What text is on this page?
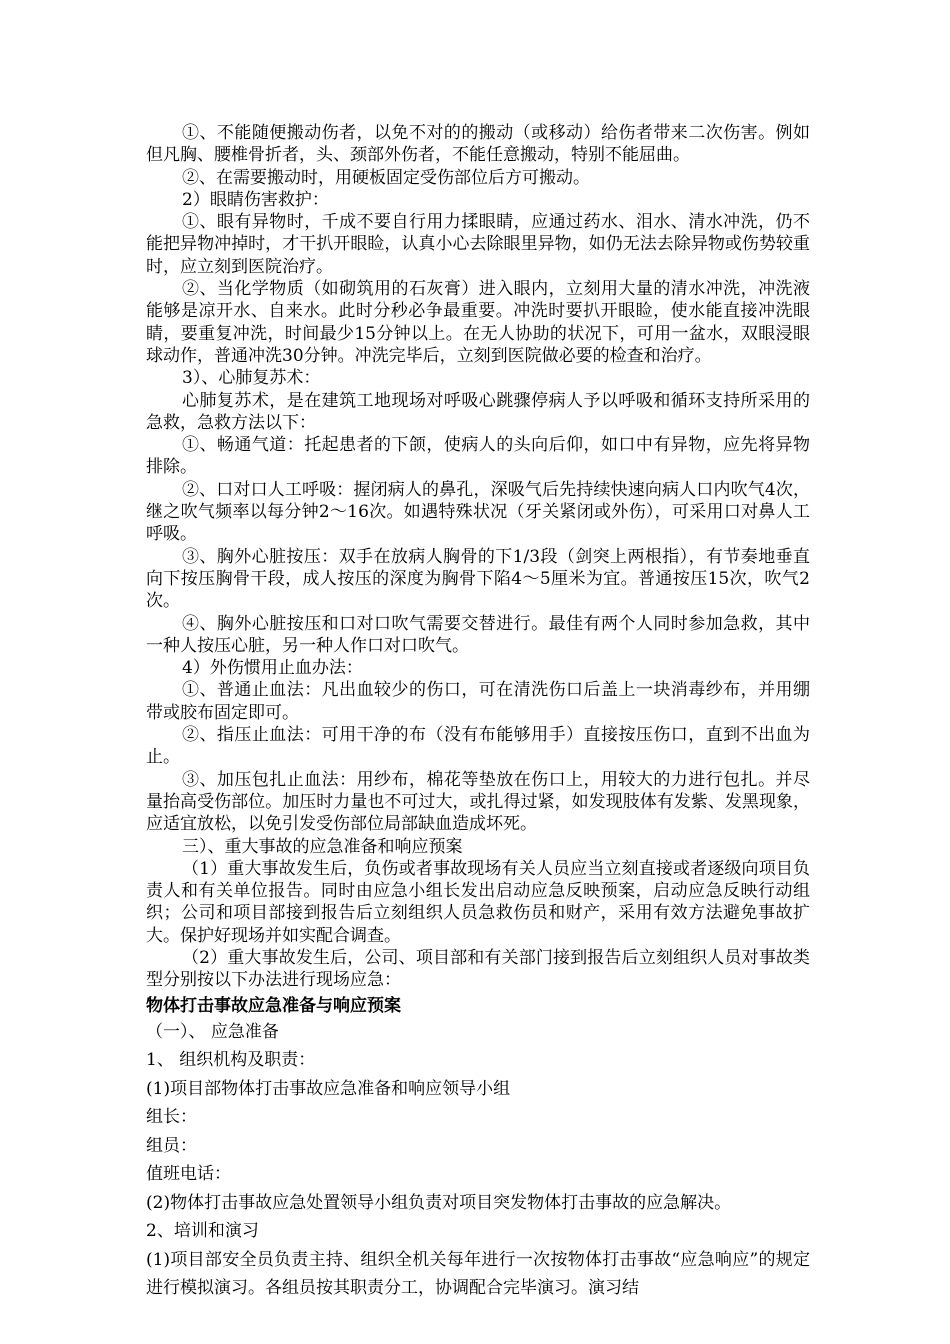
①、不能随便搬动伤者，以免不对的的搬动（或移动）给伤者带来二次伤害。例如但凡胸、腰椎骨折者，头、颈部外伤者，不能任意搬动，特别不能屈曲。

②、在需要搬动时，用硬板固定受伤部位后方可搬动。

2）眼睛伤害救护：

①、眼有异物时，千成不要自行用力揉眼睛，应通过药水、泪水、清水冲洗，仍不能把异物冲掉时，才干扒开眼睑，认真小心去除眼里异物，如仍无法去除异物或伤势较重时，应立刻到医院治疗。

②、当化学物质（如砌筑用的石灰膏）进入眼内，立刻用大量的清水冲洗，冲洗液能够是凉开水、自来水。此时分秒必争最重要。冲洗时要扒开眼睑，使水能直接冲洗眼睛，要重复冲洗，时间最少15分钟以上。在无人协助的状况下，可用一盆水，双眼浸眼球动作，普通冲洗30分钟。冲洗完毕后，立刻到医院做必要的检查和治疗。

3）、心肺复苏术：

心肺复苏术，是在建筑工地现场对呼吸心跳骤停病人予以呼吸和循环支持所采用的急救，急救方法以下：

①、畅通气道：托起患者的下颌，使病人的头向后仰，如口中有异物，应先将异物排除。

②、口对口人工呼吸：握闭病人的鼻孔，深吸气后先持续快速向病人口内吹气4次，继之吹气频率以每分钟2～16次。如遇特殊状况（牙关紧闭或外伤），可采用口对鼻人工呼吸。

③、胸外心脏按压：双手在放病人胸骨的下1/3段（剑突上两根指），有节奏地垂直向下按压胸骨干段，成人按压的深度为胸骨下陷4～5厘米为宜。普通按压15次，吹气2次。

④、胸外心脏按压和口对口吹气需要交替进行。最佳有两个人同时参加急救，其中一种人按压心脏，另一种人作口对口吹气。

4）外伤惯用止血办法：

①、普通止血法：凡出血较少的伤口，可在清洗伤口后盖上一块消毒纱布，并用绷带或胶布固定即可。

②、指压止血法：可用干净的布（没有布能够用手）直接按压伤口，直到不出血为止。

③、加压包扎止血法：用纱布，棉花等垫放在伤口上，用较大的力进行包扎。并尽量抬高受伤部位。加压时力量也不可过大，或扎得过紧，如发现肢体有发紫、发黑现象，应适宜放松，以免引发受伤部位局部缺血造成坏死。

三）、重大事故的应急准备和响应预案

（1）重大事故发生后，负伤或者事故现场有关人员应当立刻直接或者逐级向项目负责人和有关单位报告。同时由应急小组长发出启动应急反映预案，启动应急反映行动组织；公司和项目部接到报告后立刻组织人员急救伤员和财产，采用有效方法避免事故扩大。保护好现场并如实配合调查。

（2）重大事故发生后，公司、项目部和有关部门接到报告后立刻组织人员对事故类型分别按以下办法进行现场应急：

物体打击事故应急准备与响应预案

（一）、 应急准备

1、 组织机构及职责：

(1)项目部物体打击事故应急准备和响应领导小组

组长：

组员：

值班电话：

(2)物体打击事故应急处置领导小组负责对项目突发物体打击事故的应急解决。

2、培训和演习

(1)项目部安全员负责主持、组织全机关每年进行一次按物体打击事故“应急响应”的规定进行模拟演习。各组员按其职责分工，协调配合完毕演习。演习结
